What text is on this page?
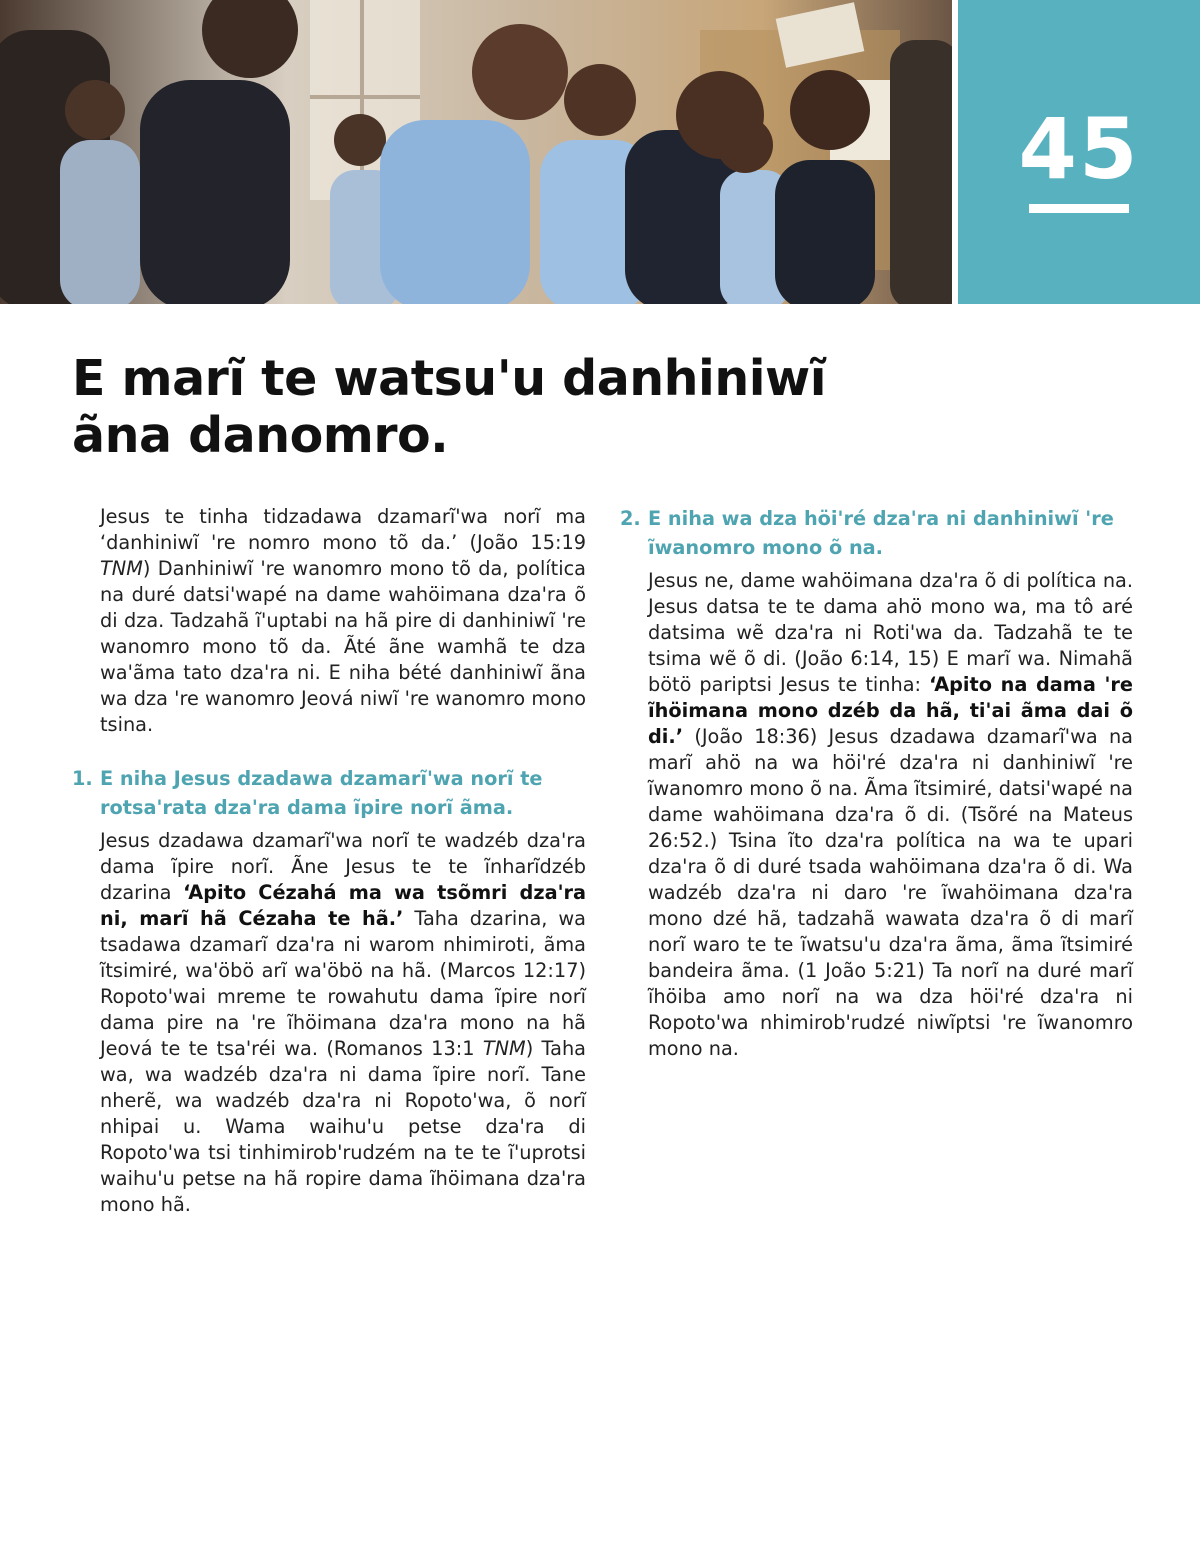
45
E marĩ te watsu'u danhiniwĩ ãna danomro.

Jesus te tinha tidzadawa dzamarĩ'wa norĩ ma ‘danhiniwĩ 're nomro mono tõ da.’ (João 15:19 TNM) Danhiniwĩ 're wanomro mono tõ da, política na duré datsi'wapé na dame wahöimana dza'ra õ di dza. Tadzahã ĩ'uptabi na hã pire di danhiniwĩ 're wanomro mono tõ da. Ãté ãne wamhã te dza wa'ãma tato dza'ra ni. E niha bété danhiniwĩ ãna wa dza 're wanomro Jeová niwĩ 're wanomro mono tsina.

1. E niha Jesus dzadawa dzamarĩ'wa norĩ te rotsa'rata dza'ra dama ĩpire norĩ ãma.

Jesus dzadawa dzamarĩ'wa norĩ te wadzéb dza'ra dama ĩpire norĩ. Ãne Jesus te te ĩnharĩdzéb dzarina ‘Apito Cézahá ma wa tsõmri dza'ra ni, marĩ hã Cézaha te hã.’ Taha dzarina, wa tsadawa dzamarĩ dza'ra ni warom nhimiroti, ãma ĩtsimiré, wa'öbö arĩ wa'öbö na hã. (Marcos 12:17) Ropoto'wai mreme te rowahutu dama ĩpire norĩ dama pire na 're ĩhöimana dza'ra mono na hã Jeová te te tsa'réi wa. (Romanos 13:1 TNM) Taha wa, wa wadzéb dza'ra ni dama ĩpire norĩ. Tane nherẽ, wa wadzéb dza'ra ni Ropoto'wa, õ norĩ nhipai u. Wama waihu'u petse dza'ra di Ropoto'wa tsi tinhimirob'rudzém na te te ĩ'uprotsi waihu'u petse na hã ropire dama ĩhöimana dza'ra mono hã.

2. E niha wa dza höi'ré dza'ra ni danhiniwĩ 're ĩwanomro mono õ na.

Jesus ne, dame wahöimana dza'ra õ di política na. Jesus datsa te te dama ahö mono wa, ma tô aré datsima wẽ dza'ra ni Roti'wa da. Tadzahã te te tsima wẽ õ di. (João 6:14, 15) E marĩ wa. Nimahã bötö pariptsi Jesus te tinha: ‘Apito na dama 're ĩhöimana mono dzéb da hã, ti'ai ãma dai õ di.’ (João 18:36) Jesus dzadawa dzamarĩ'wa na marĩ ahö na wa höi'ré dza'ra ni danhiniwĩ 're ĩwanomro mono õ na. Ãma ĩtsimiré, datsi'wapé na dame wahöimana dza'ra õ di. (Tsõré na Mateus 26:52.) Tsina ĩto dza'ra política na wa te upari dza'ra õ di duré tsada wahöimana dza'ra õ di. Wa wadzéb dza'ra ni daro 're ĩwahöimana dza'ra mono dzé hã, tadzahã wawata dza'ra õ di marĩ norĩ waro te te ĩwatsu'u dza'ra ãma, ãma ĩtsimiré bandeira ãma. (1 João 5:21) Ta norĩ na duré marĩ ĩhöiba amo norĩ na wa dza höi'ré dza'ra ni Ropoto'wa nhimirob'rudzé niwĩptsi 're ĩwanomro mono na.
